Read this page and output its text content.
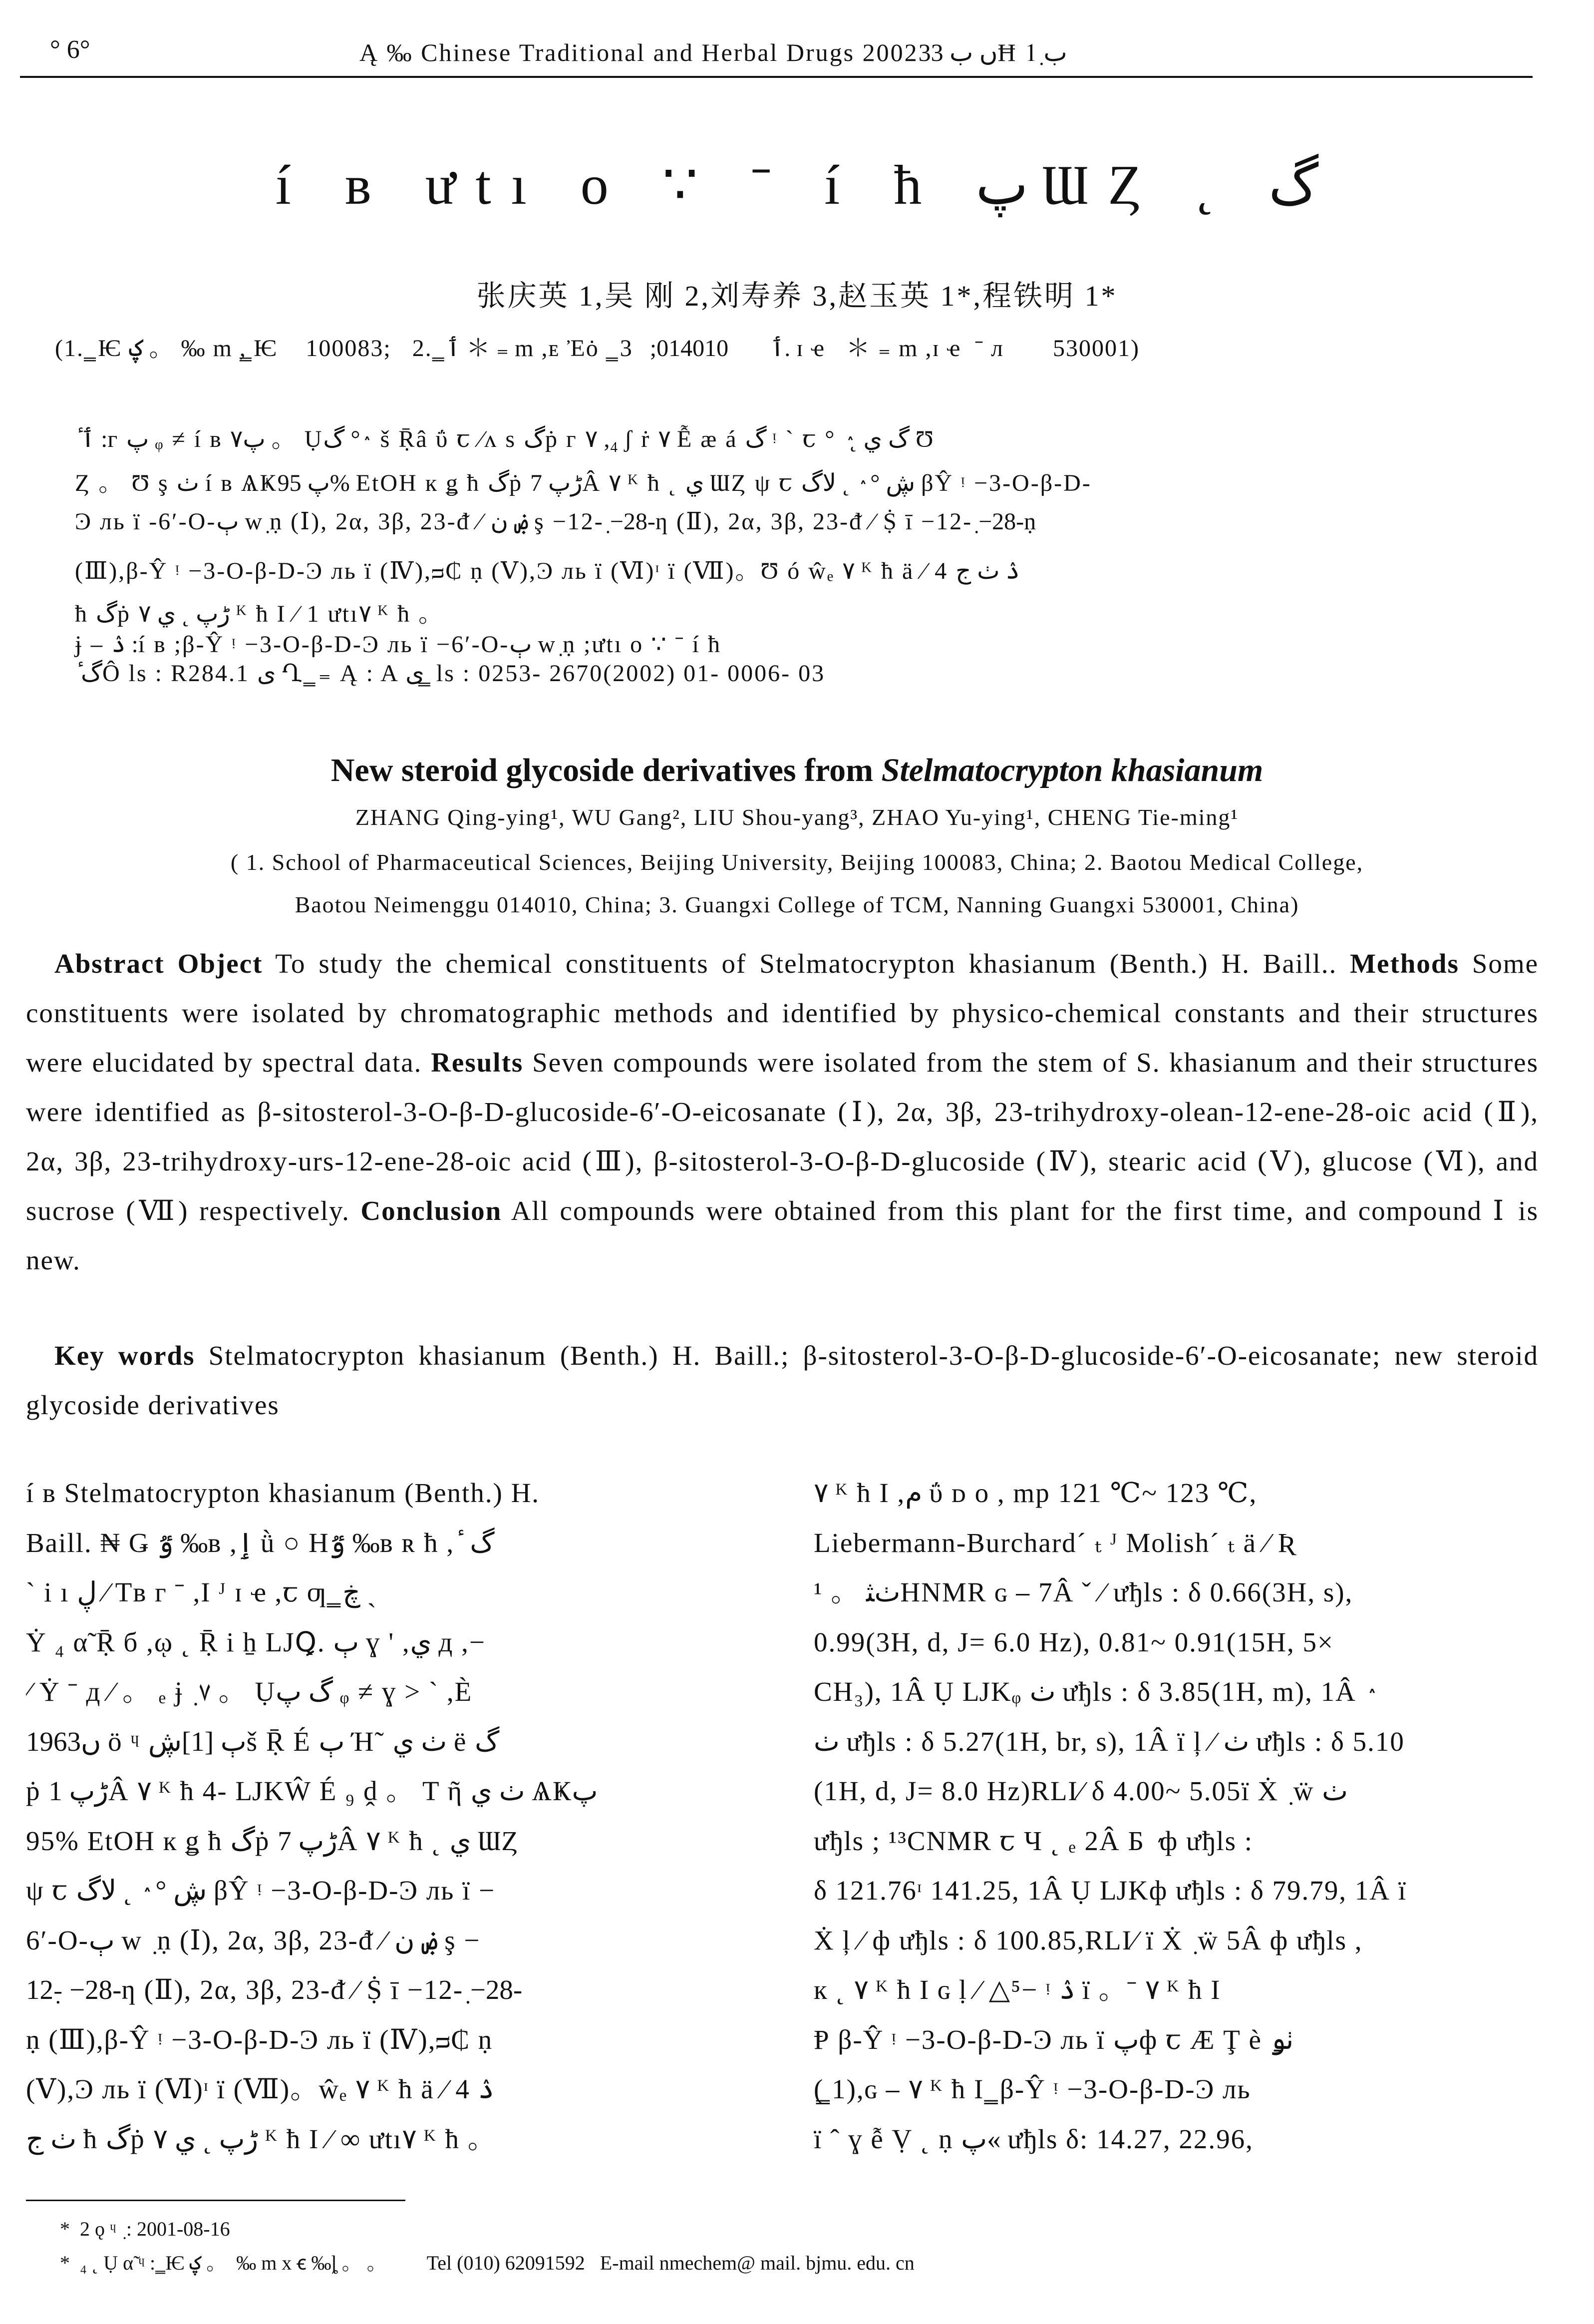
° 6°	Ą ‰ Chinese Traditional and Herbal Drugs 2002ں ﺏ 33Ħ ﺏ 1ٜ
í в ưtı o ∵ ˉ í ħ پ ƜȤ ˛ گ
张庆英 1,吴 刚 2,刘寿养 3,赵玉英 1*,程铁明 1*
(1. ͇ Ѥ ؼ 。 ‰ m ,͇ Ѥ    100083;   2. ͇ ٲ ＊ ₌ m ,ᴇ Ἐȯ  ͇ ٲ       014010;   3. ɪ ҽ   ＊ ₌ m ,ɪ ҽ  ˉ л       530001)
ٔ ٲ :ᴦ پ ᵩ ≠ í в پ۷ 。 Ụگ ° ٛ š Ṝâ ΰ ꞇ ∕ʌ s گṗ ᴦ ۷ ,₄ ʃ ṙ ۷ Ễ æ á گ ᵎ ` ꞇ ° ٛ ˛ گ ي Ʊ
Ȥ 。 Ʊ ş ٺ í в ѦҜپ 95% EtOH к ǥ ħ گṗ ڑپ 7Â ۷ ᴷ ħ ˛ ي ƜȤ ψ ꞇ ڜ ° ٛ ˛ لاگ βŶ ᵎ −3-O-β-D-
Ͽ ль ï -6ʹ-O-ٻ wٜ ṇ (Ⅰ), 2α, 3β, 23-ᵭ ∕ ۻ ن ş −12-ٜ −28-ƞ (Ⅱ), 2α, 3β, 23-ᵭ ∕ Ṩ ī −12-ٜ −28-ṇ
(Ⅲ),β-Ŷ ᵎ −3-O-β-D-Ͽ ль ï (Ⅳ),ᴝ₵ ṇ (Ⅴ),Ͽ ль ï (Ⅵ)ᶦ ï (Ⅶ)。Ʊ ó ŵₑ ۷ ᴷ ħ ä ∕ 4 ۮ ٺ ﺝ
ħ گṗ ڑپ ˛ ي ۷ ᴷ ħ I ∕ 1 ưtı۷ ᴷ ħ 。
ɉ ⎯ ۮ :í в ;β-Ŷ ᵎ −3-O-β-D-Ͽ ль ï −6ʹ-O-ٻ wٜ ṇ ;ưtı o ∵ ˉ í ħ
ٔ گÔ ls : R284.1 ى Ղ ͇ ₌ Ą : A ى ͇ ls : 0253- 2670(2002) 01- 0006- 03
New steroid glycoside derivatives from Stelmatocrypton khasianum
ZHANG Qing-ying¹, WU Gang², LIU Shou-yang³, ZHAO Yu-ying¹, CHENG Tie-ming¹
( 1. School of Pharmaceutical Sciences, Beijing University, Beijing 100083, China; 2. Baotou Medical College,
Baotou Neimenggu 014010, China; 3. Guangxi College of TCM, Nanning Guangxi 530001, China)
 Abstract Object To study the chemical constituents of Stelmatocrypton khasianum (Benth.) H. Baill.. Methods Some constituents were isolated by chromatographic methods and identified by physico-chemical constants and their structures were elucidated by spectral data. Results Seven compounds were isolated from the stem of S. khasianum and their structures were identified as β-sitosterol-3-O-β-D-glucoside-6ʹ-O-eicosanate (Ⅰ), 2α, 3β, 23-trihydroxy-olean-12-ene-28-oic acid (Ⅱ), 2α, 3β, 23-trihydroxy-urs-12-ene-28-oic acid (Ⅲ), β-sitosterol-3-O-β-D-glucoside (Ⅳ), stearic acid (Ⅴ), glucose (Ⅵ), and sucrose (Ⅶ) respectively. Conclusion All compounds were obtained from this plant for the first time, and compound Ⅰ is new.
 Key words Stelmatocrypton khasianum (Benth.) H. Baill.; β-sitosterol-3-O-β-D-glucoside-6ʹ-O-eicosanate; new steroid glycoside derivatives
í в Stelmatocrypton khasianum (Benth.) H.
Baill. ₦ Ǥ ٷ ‰ʙ ,ٳ ǜ ○ Hٷ ‰ʙ ʀ ħ , ٔ گ
` i ı ڸ ∕ Tʙ ᴦ ˉ ,I ᴶ ɪ ҽ ,ꞇ ƣ ͇ ڿ ˎ
Ẏ ₄ α̃ Ṝ б ,ῳ ˛ Ṝ i ẖ LJꝖ. ٻ ɣ ' ,ي д ,−
∕ Ẏ ˉ д ⁄ 。 ₑ ɉ ٜ ۷ 。 Ụگ پ ᵩ ≠ ɣ > ` ,È
1963ں ö ᶣ ٻ [1]ڜš Ṝ É ٻ Ή˜ ٺ ي ë گ
ṗ ڑپ 1Â ۷ ᴷ ħ 4- ǇKŴ É ₉ ḓ 。 T ῆ ٺ ي ѦҜپ
95% EtOH к ǥ ħ گṗ ڑپ 7Â ۷ ᴷ ħ ˛ ي ƜȤ
ψ ꞇ ڜ ° ٛ ˛ لاگ βŶ ᵎ −3-O-β-D-Ͽ ль ï −
6ʹ-O-ٻ w ٜ ṇ (Ⅰ), 2α, 3β, 23-ᵭ ∕ ۻ ن ş −
12-ٜ −28-ƞ (Ⅱ), 2α, 3β, 23-ᵭ ∕ Ṩ ī −12-ٜ −28-
ṇ (Ⅲ),β-Ŷ ᵎ −3-O-β-D-Ͽ ль ï (Ⅳ),ᴝ₵ ṇ
(Ⅴ),Ͽ ль ï (Ⅵ)ᶦ ï (Ⅶ)。ŵₑ ۷ ᴷ ħ ä ∕ 4 ۮ
ٺ ﺝ ħ گṗ ڑپ ˛ ي ۷ ᴷ ħ I ∕ ∞ ưtı۷ ᴷ ħ 。
۷ ᴷ ħ I ,م ΰ ᴅ o , mp 121 ℃~ 123 ℃,
Liebermann-Burchard´ ₜ ᴶ Molish´ ₜ ä ∕ Ʀ
ٺﺜ 。 ¹HNMR ɢ ⎯ 7Â ˇ ∕ ưђls : δ 0.66(3H, s),
0.99(3H, d, J= 6.0 Hz), 0.81~ 0.91(15H, 5×
CH₃), 1Â Ụ ǇKᵩ ٺ ưђls : δ 3.85(1H, m), 1Â ٛ
ٺ ưђls : δ 5.27(1H, br, s), 1Â ї ļ ∕ ٺ ưђls : δ 5.10
(1H, d, J= 8.0 Hz)RLI∕ δ 4.00~ 5.05ї Ẋ ٜ ẅ ٺ
ưђls ; ¹³CNMR ꞇ Ч ˛ ₑ 2Â Б ٛ ф ưђls :
δ 121.76ᶦ 141.25, 1Â Ụ ǇKф ưђls : δ 79.79, 1Â ї
Ẋ ļ ∕ ф ưђls : δ 100.85,RLI∕ ї Ẋ ٜ ẅ 5Â ф ưђls ,
к ˛ ۷ ᴷ ħ I ɢ ḷ ∕ △⁵− ᵎ ۮ ї 。ˉ ۷ ᴷ ħ I
Ᵽ β-Ŷ ᵎ −3-O-β-D-Ͽ ль ï پф ꞇ Æ Ţ è ٺۅ
(͇ 1),ɢ ⎯ ۷ ᴷ ħ I ͇ β-Ŷ ᵎ −3-O-β-D-Ͽ ль
ï ˆ ɣ ễ Ṿ ˛ ṇ پ« ưђls δ: 14.27, 22.96,
*  2 ǫ ᶣ ٜ : 2001-08-16
*  ₄ ˛ Ụ α̃ ᶣ : ͇ Ѥ ؼ 。  ‰ m x ꞓ ‰ȴ 。 。        Tel (010) 62091592   E-mail nmechem@ mail. bjmu. edu. cn
